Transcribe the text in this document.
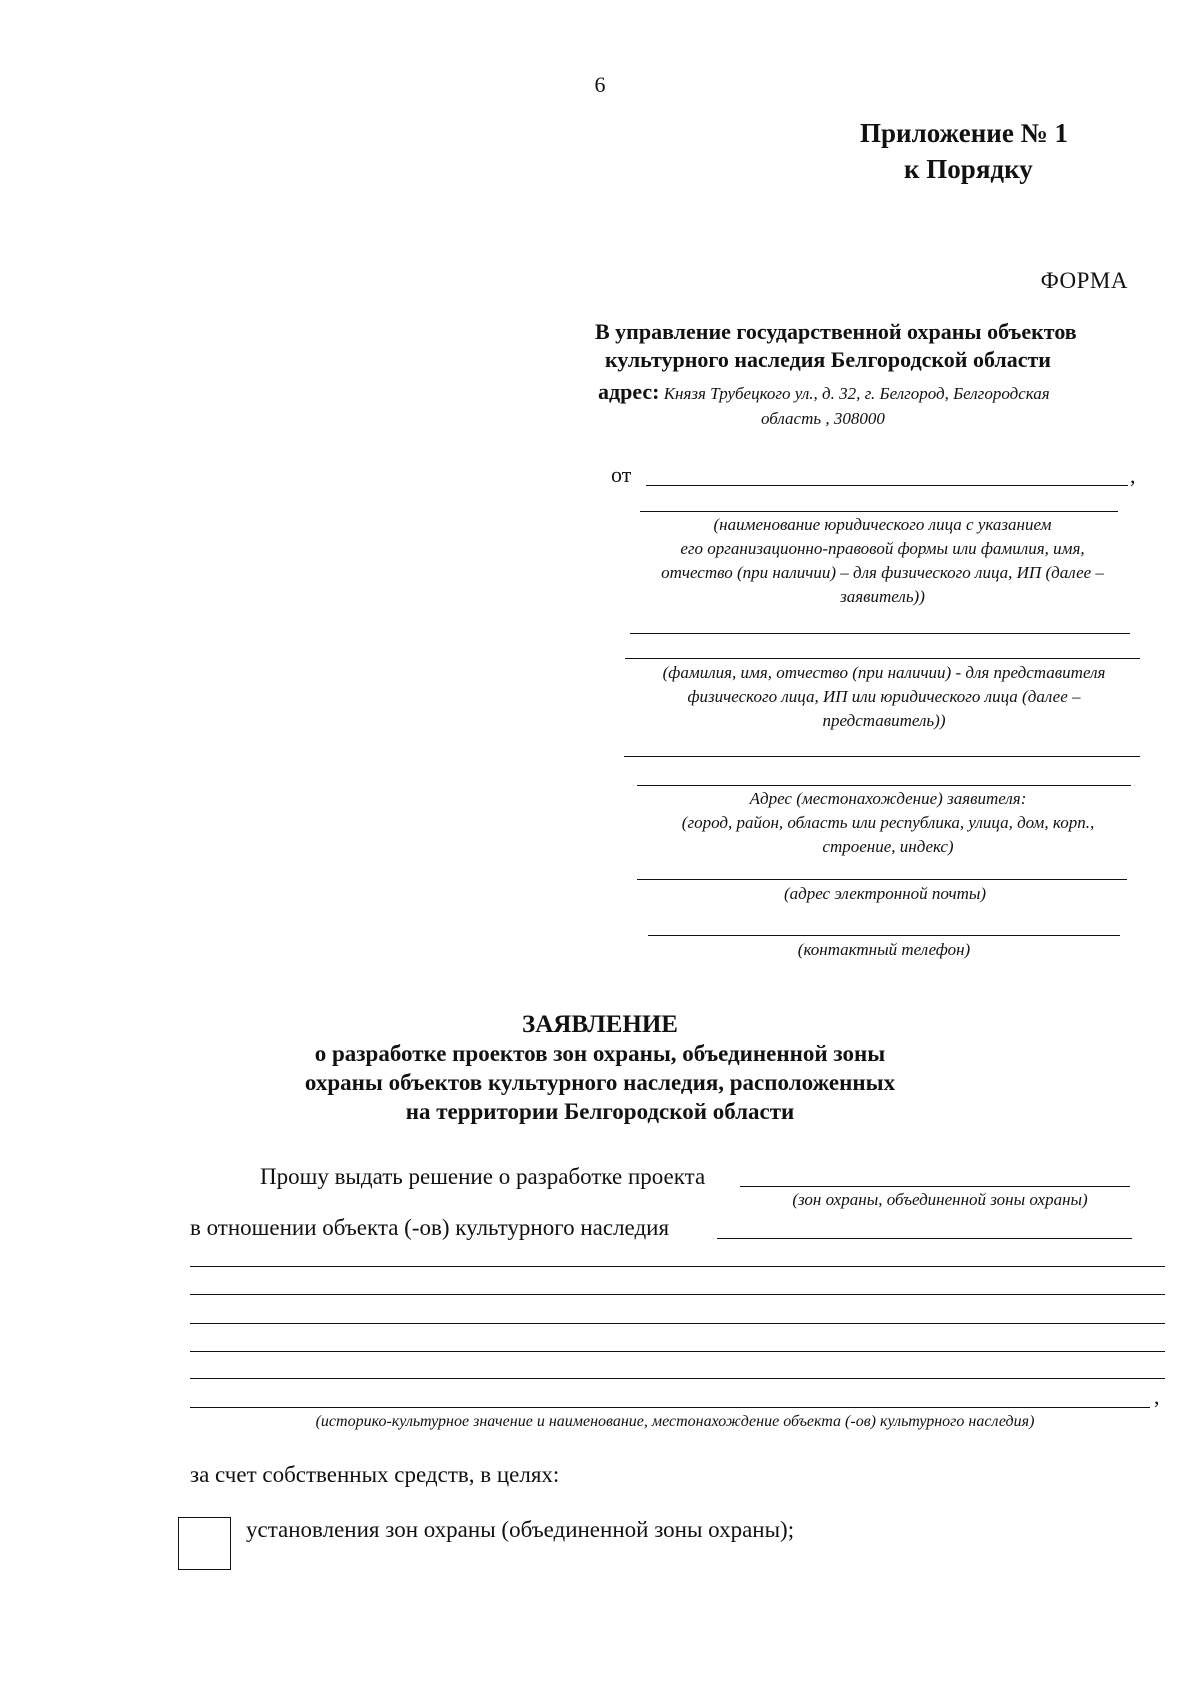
6
Приложение № 1
к Порядку
ФОРМА
В управление государственной охраны объектов
культурного наследия Белгородской области
адрес: Князя Трубецкого ул., д. 32, г. Белгород, Белгородская
область , 308000
от	,
(наименование юридического лица с указанием
его организационно-правовой формы или фамилия, имя,
отчество (при наличии) – для физического лица, ИП (далее –
заявитель))
(фамилия, имя, отчество (при наличии) - для представителя
физического лица, ИП или юридического лица (далее –
представитель))
Адрес (местонахождение) заявителя:
(город, район, область или республика, улица, дом, корп.,
строение, индекс)
(адрес электронной почты)
(контактный телефон)
ЗАЯВЛЕНИЕ
о разработке проектов зон охраны, объединенной зоны
охраны объектов культурного наследия, расположенных
на территории Белгородской области
Прошу выдать решение о разработке проекта
(зон охраны, объединенной зоны охраны)
в отношении объекта (-ов) культурного наследия
,
(историко-культурное значение и наименование, местонахождение объекта (-ов) культурного наследия)
за счет собственных средств, в целях:
установления зон охраны (объединенной зоны охраны);
